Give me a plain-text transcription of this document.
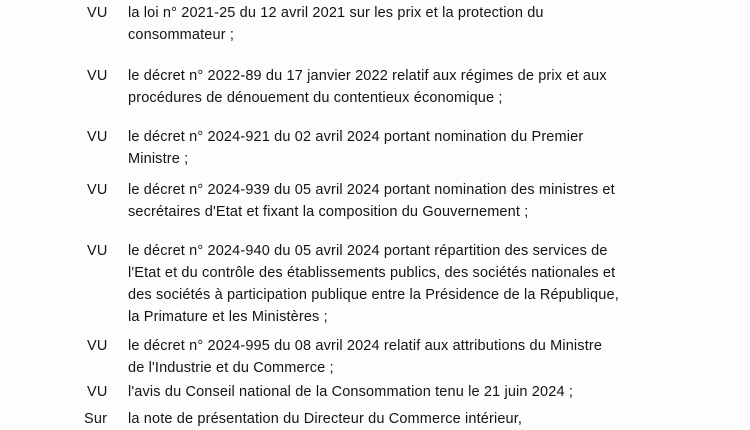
VU la loi n° 2021-25 du 12 avril 2021 sur les prix et la protection du
consommateur ;
VU le décret n° 2022-89 du 17 janvier 2022 relatif aux régimes de prix et aux
procédures de dénouement du contentieux économique ;
VU le décret n° 2024-921 du 02 avril 2024 portant nomination du Premier
Ministre ;
VU le décret n° 2024-939 du 05 avril 2024 portant nomination des ministres et
secrétaires d'Etat et fixant la composition du Gouvernement ;
VU le décret n° 2024-940 du 05 avril 2024 portant répartition des services de
l'Etat et du contrôle des établissements publics, des sociétés nationales et
des sociétés à participation publique entre la Présidence de la République,
la Primature et les Ministères ;
VU le décret n° 2024-995 du 08 avril 2024 relatif aux attributions du Ministre
de l'Industrie et du Commerce ;
VU l'avis du Conseil national de la Consommation tenu le 21 juin 2024 ;
Sur la note de présentation du Directeur du Commerce intérieur,
